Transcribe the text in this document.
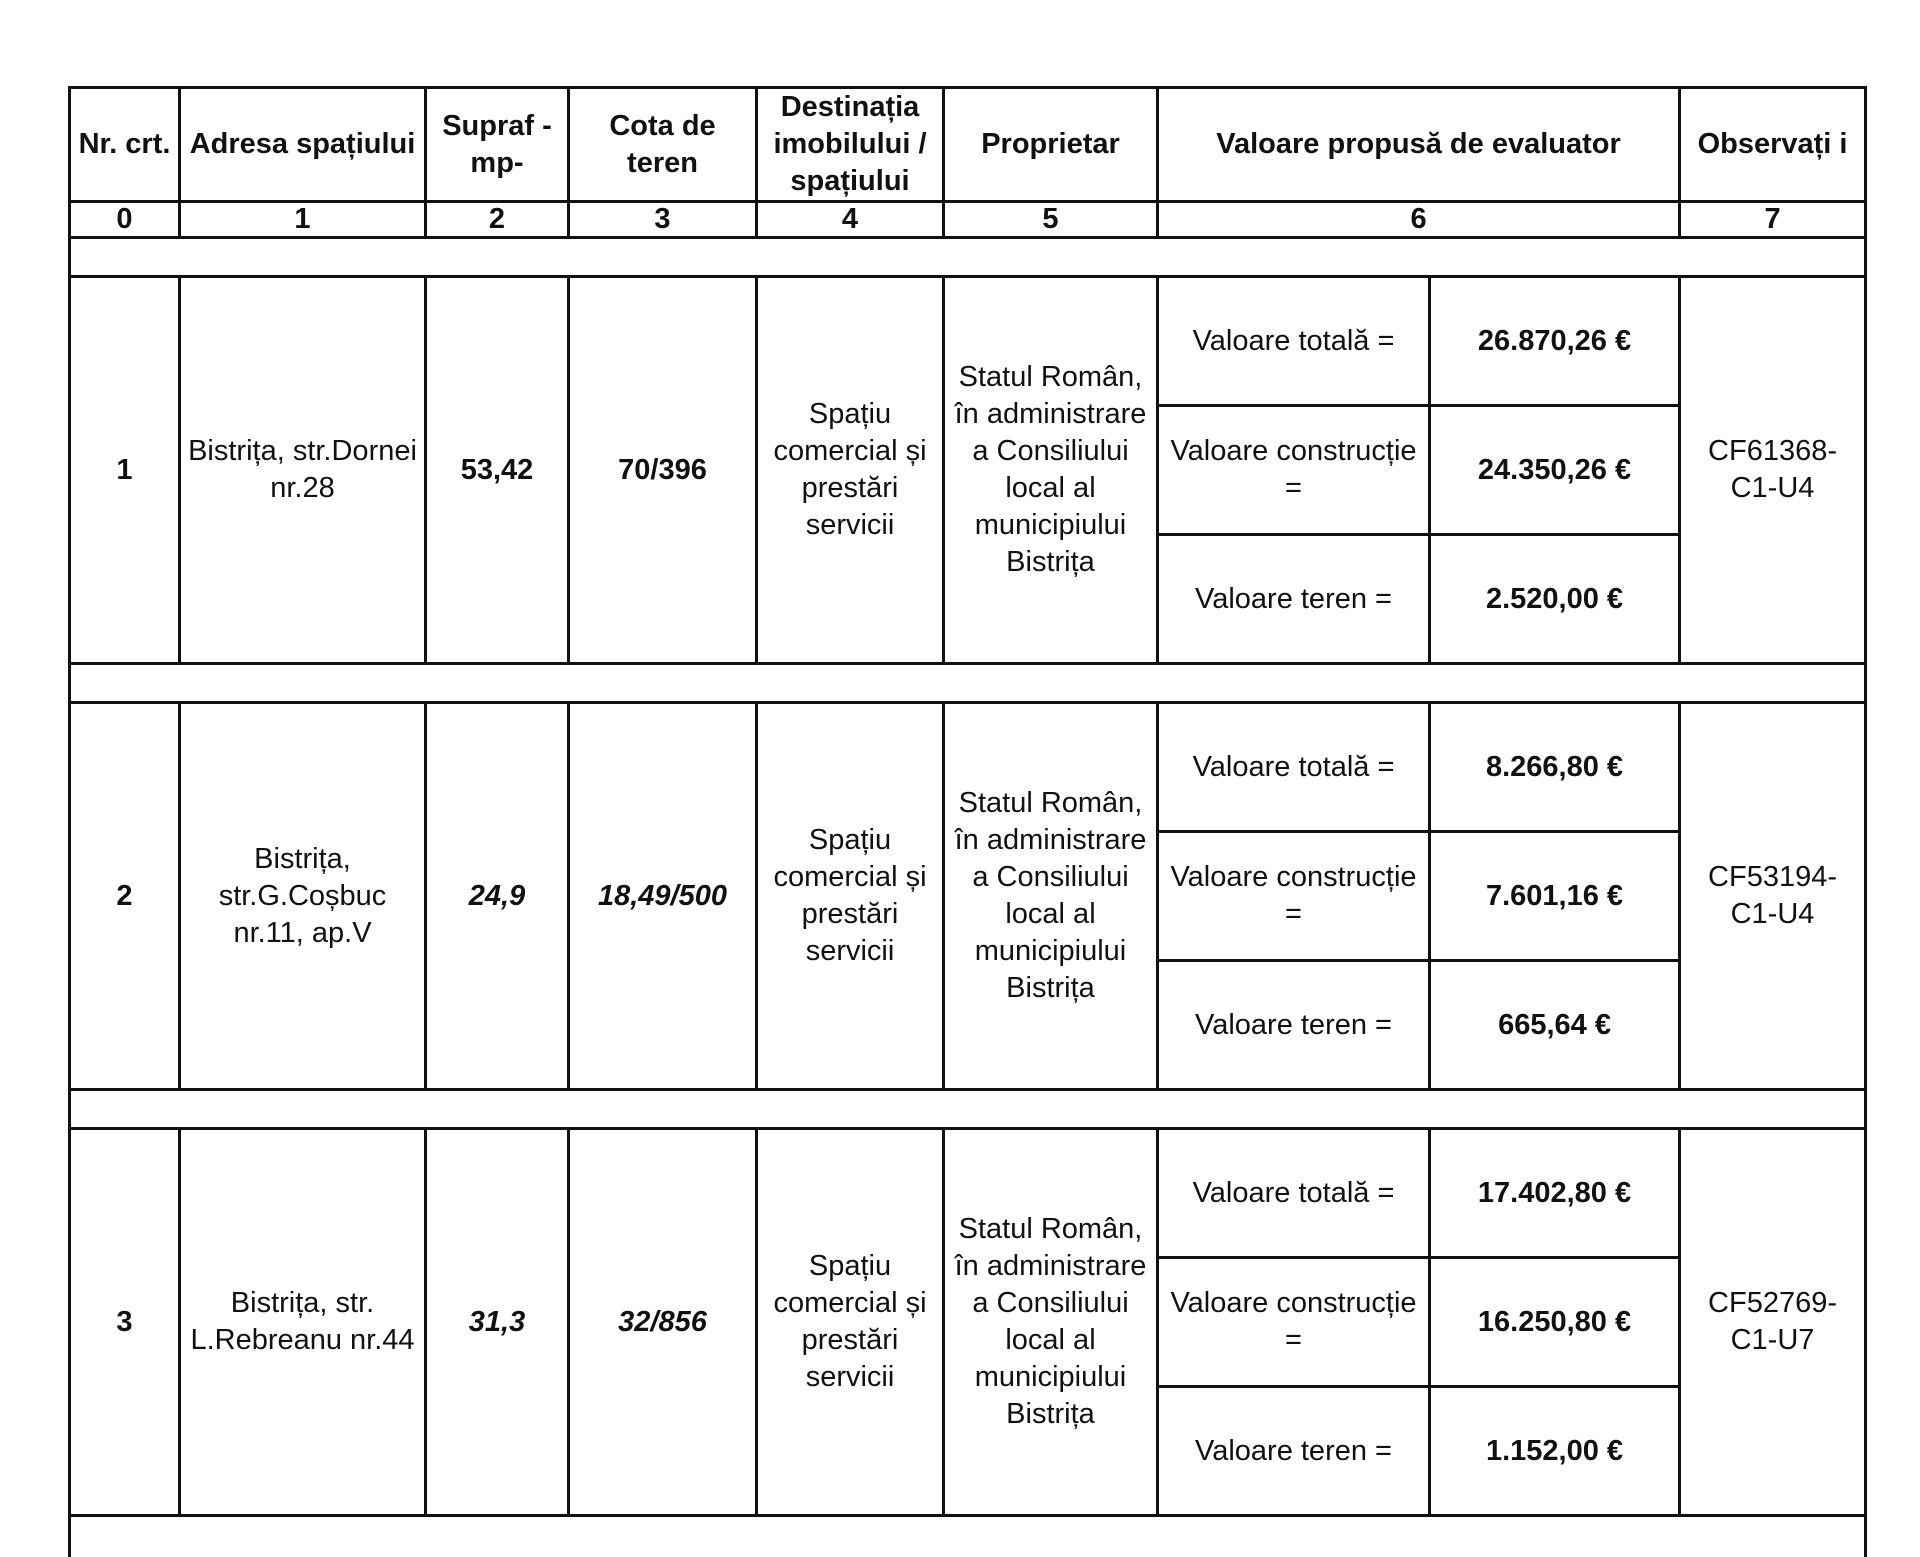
Nr. crt.	Adresa spațiului	Supraf -mp-	Cota de teren	Destinația imobilului / spațiului	Proprietar	Valoare propusă de evaluator		Observați i
0	1	2	3	4	5	6		7

1	Bistrița, str.Dornei nr.28	53,42	70/396	Spațiu comercial și prestări servicii	Statul Român, în administrare a Consiliului local al municipiului Bistrița	Valoare totală =	26.870,26 €	CF61368-C1-U4
						Valoare construcție =	24.350,26 €	
						Valoare teren =	2.520,00 €	

2	Bistrița, str.G.Coșbuc nr.11, ap.V	24,9	18,49/500	Spațiu comercial și prestări servicii	Statul Român, în administrare a Consiliului local al municipiului Bistrița	Valoare totală =	8.266,80 €	CF53194-C1-U4
						Valoare construcție =	7.601,16 €	
						Valoare teren =	665,64 €	

3	Bistrița, str. L.Rebreanu nr.44	31,3	32/856	Spațiu comercial și prestări servicii	Statul Român, în administrare a Consiliului local al municipiului Bistrița	Valoare totală =	17.402,80 €	CF52769-C1-U7
						Valoare construcție =	16.250,80 €	
						Valoare teren =	1.152,00 €	
